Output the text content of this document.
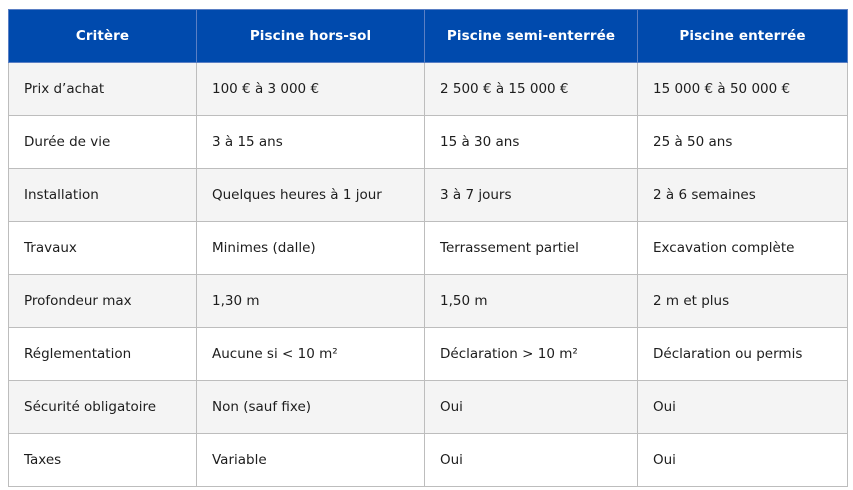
Critère	Piscine hors-sol	Piscine semi-enterrée	Piscine enterrée
Prix d’achat	100 € à 3 000 €	2 500 € à 15 000 €	15 000 € à 50 000 €
Durée de vie	3 à 15 ans	15 à 30 ans	25 à 50 ans
Installation	Quelques heures à 1 jour	3 à 7 jours	2 à 6 semaines
Travaux	Minimes (dalle)	Terrassement partiel	Excavation complète
Profondeur max	1,30 m	1,50 m	2 m et plus
Réglementation	Aucune si < 10 m²	Déclaration > 10 m²	Déclaration ou permis
Sécurité obligatoire	Non (sauf fixe)	Oui	Oui
Taxes	Variable	Oui	Oui
